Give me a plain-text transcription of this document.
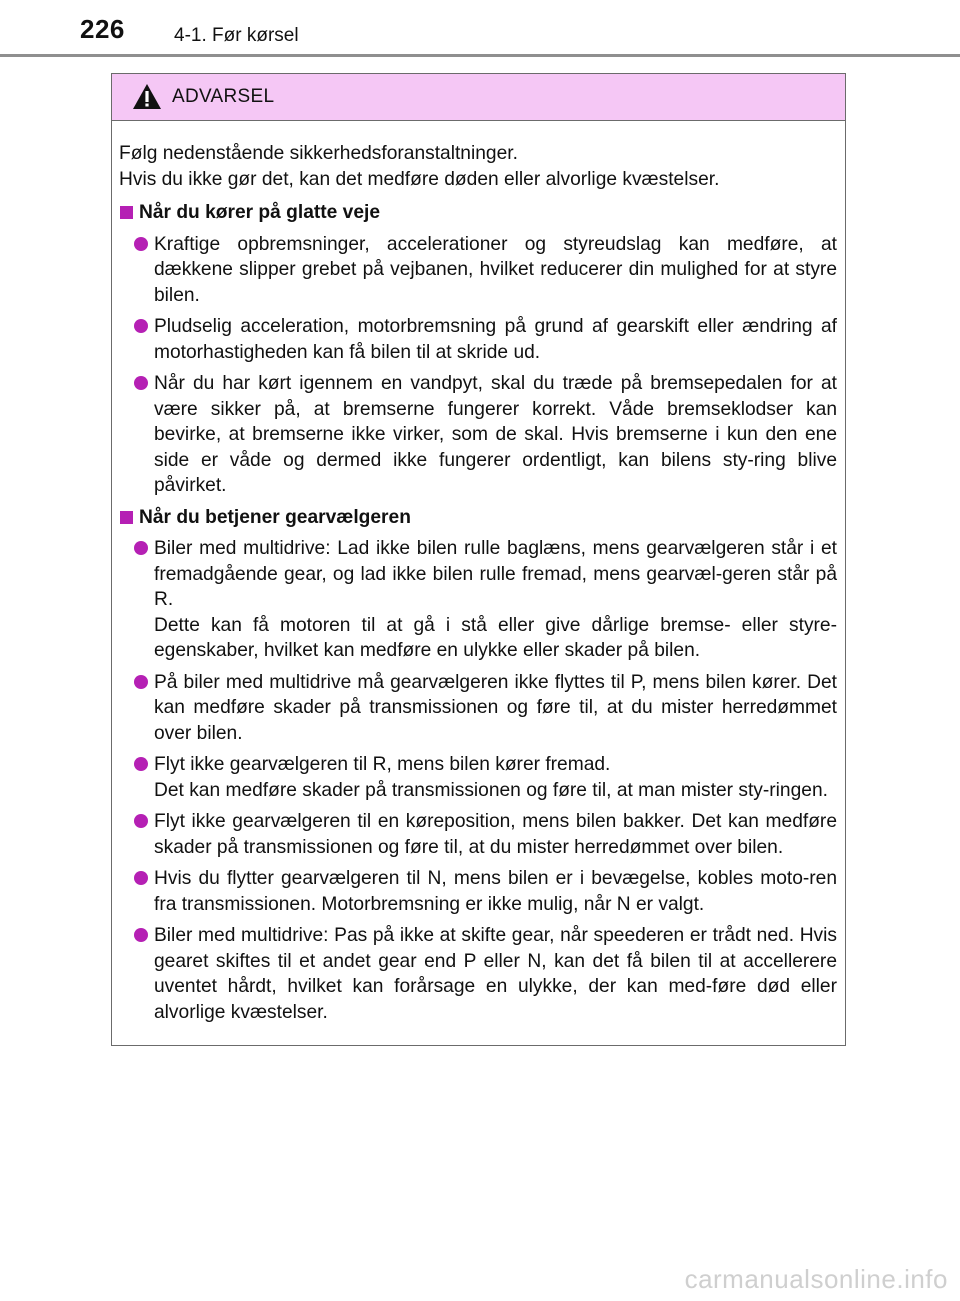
226	4-1. Før kørsel
ADVARSEL

Følg nedenstående sikkerhedsforanstaltninger.

Hvis du ikke gør det, kan det medføre døden eller alvorlige kvæstelser.

Når du kører på glatte veje

Kraftige opbremsninger, accelerationer og styreudslag kan medføre, at dækkene slipper grebet på vejbanen, hvilket reducerer din mulighed for at styre bilen.

Pludselig acceleration, motorbremsning på grund af gearskift eller ændring af motorhastigheden kan få bilen til at skride ud.

Når du har kørt igennem en vandpyt, skal du træde på bremsepedalen for at være sikker på, at bremserne fungerer korrekt. Våde bremseklodser kan bevirke, at bremserne ikke virker, som de skal. Hvis bremserne i kun den ene side er våde og dermed ikke fungerer ordentligt, kan bilens sty-ring blive påvirket.

Når du betjener gearvælgeren

Biler med multidrive: Lad ikke bilen rulle baglæns, mens gearvælgeren står i et fremadgående gear, og lad ikke bilen rulle fremad, mens gearvæl-geren står på R.

Dette kan få motoren til at gå i stå eller give dårlige bremse- eller styre-egenskaber, hvilket kan medføre en ulykke eller skader på bilen.

På biler med multidrive må gearvælgeren ikke flyttes til P, mens bilen kører. Det kan medføre skader på transmissionen og føre til, at du mister herredømmet over bilen.

Flyt ikke gearvælgeren til R, mens bilen kører fremad.

Det kan medføre skader på transmissionen og føre til, at man mister sty-ringen.

Flyt ikke gearvælgeren til en køreposition, mens bilen bakker. Det kan medføre skader på transmissionen og føre til, at du mister herredømmet over bilen.

Hvis du flytter gearvælgeren til N, mens bilen er i bevægelse, kobles moto-ren fra transmissionen. Motorbremsning er ikke mulig, når N er valgt.

Biler med multidrive: Pas på ikke at skifte gear, når speederen er trådt ned. Hvis gearet skiftes til et andet gear end P eller N, kan det få bilen til at accellerere uventet hårdt, hvilket kan forårsage en ulykke, der kan med-føre død eller alvorlige kvæstelser.

carmanualsonline.info
